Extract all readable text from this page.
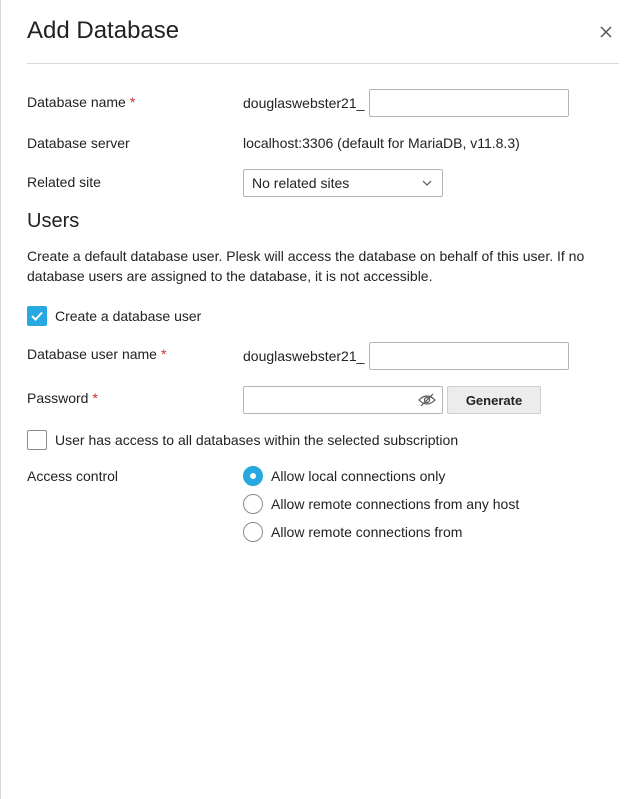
Add Database
Database name *	douglaswebster21_
Database server	localhost:3306 (default for MariaDB, v11.8.3)
Related site	No related sites
Users
Create a default database user. Plesk will access the database on behalf of this user. If no database users are assigned to the database, it is not accessible.
Create a database user
Database user name *	douglaswebster21_
Password *	Generate
User has access to all databases within the selected subscription
Access control	Allow local connections only
Allow remote connections from any host
Allow remote connections from
